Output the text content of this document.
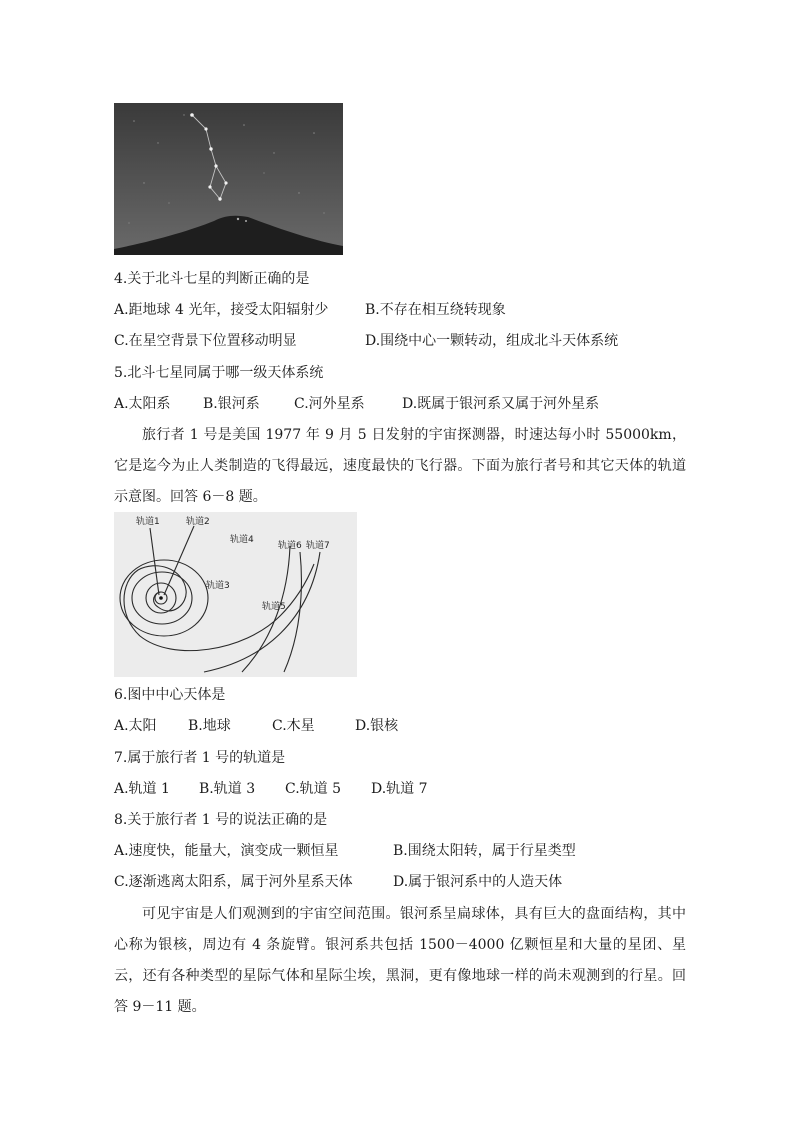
4.关于北斗七星的判断正确的是
A.距地球 4 光年，接受太阳辐射少	B.不存在相互绕转现象
C.在星空背景下位置移动明显	D.围绕中心一颗转动，组成北斗天体系统
5.北斗七星同属于哪一级天体系统
A.太阳系 B.银河系 C.河外星系	D.既属于银河系又属于河外星系

旅行者 1 号是美国 1977 年 9 月 5 日发射的宇宙探测器，时速达每小时 55000km，它是迄今为止人类制造的飞得最远，速度最快的飞行器。下面为旅行者号和其它天体的轨道示意图。回答 6－8 题。

轨道1	轨道2
轨道3
轨道4
轨道5
轨道6 轨道7
6.图中中心天体是
A.太阳 B.地球	C.木星	D.银核
7.属于旅行者 1 号的轨道是
A.轨道 1 B.轨道 3 C.轨道 5 D.轨道 7
8.关于旅行者 1 号的说法正确的是
A.速度快，能量大，演变成一颗恒星	B.围绕太阳转，属于行星类型
C.逐渐逃离太阳系，属于河外星系天体	D.属于银河系中的人造天体

可见宇宙是人们观测到的宇宙空间范围。银河系呈扁球体，具有巨大的盘面结构，其中心称为银核，周边有 4 条旋臂。银河系共包括 1500－4000 亿颗恒星和大量的星团、星云，还有各种类型的星际气体和星际尘埃，黑洞，更有像地球一样的尚未观测到的行星。回答 9－11 题。
